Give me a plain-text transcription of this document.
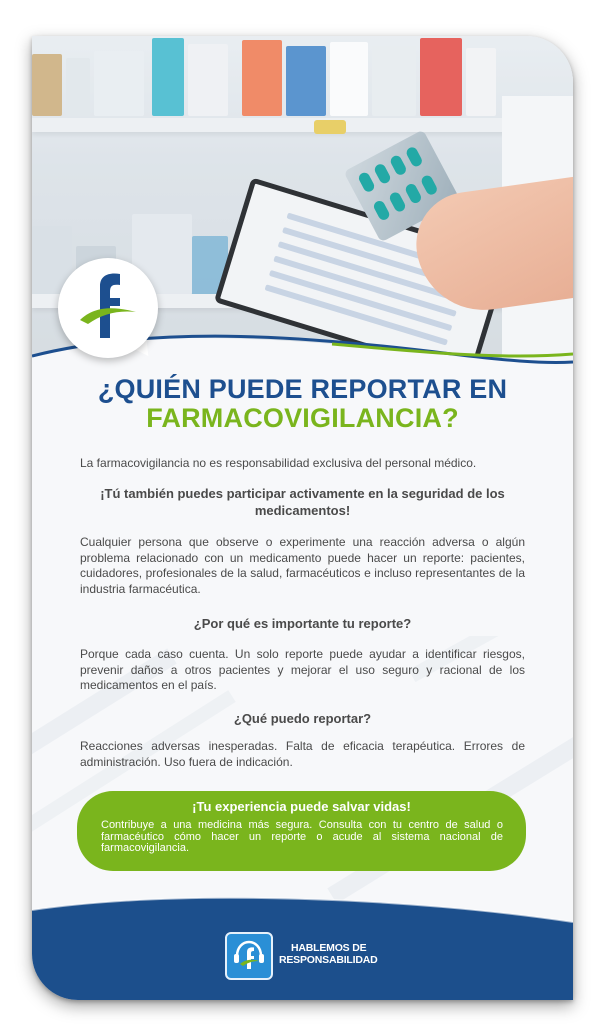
¿QUIÉN PUEDE REPORTAR EN
FARMACOVIGILANCIA?

La farmacovigilancia no es responsabilidad exclusiva del personal médico.

¡Tú también puedes participar activamente en la seguridad de los medicamentos!

Cualquier persona que observe o experimente una reacción adversa o algún problema relacionado con un medicamento puede hacer un reporte: pacientes, cuidadores, profesionales de la salud, farmacéuticos e incluso representantes de la industria farmacéutica.

¿Por qué es importante tu reporte?

Porque cada caso cuenta. Un solo reporte puede ayudar a identificar riesgos, prevenir daños a otros pacientes y mejorar el uso seguro y racional de los medicamentos en el país.

¿Qué puedo reportar?

Reacciones adversas inesperadas. Falta de eficacia terapéutica. Errores de administración. Uso fuera de indicación.

¡Tu experiencia puede salvar vidas!
Contribuye a una medicina más segura. Consulta con tu centro de salud o farmacéutico cómo hacer un reporte o acude al sistema nacional de farmacovigilancia.
HABLEMOS DE
RESPONSABILIDAD
